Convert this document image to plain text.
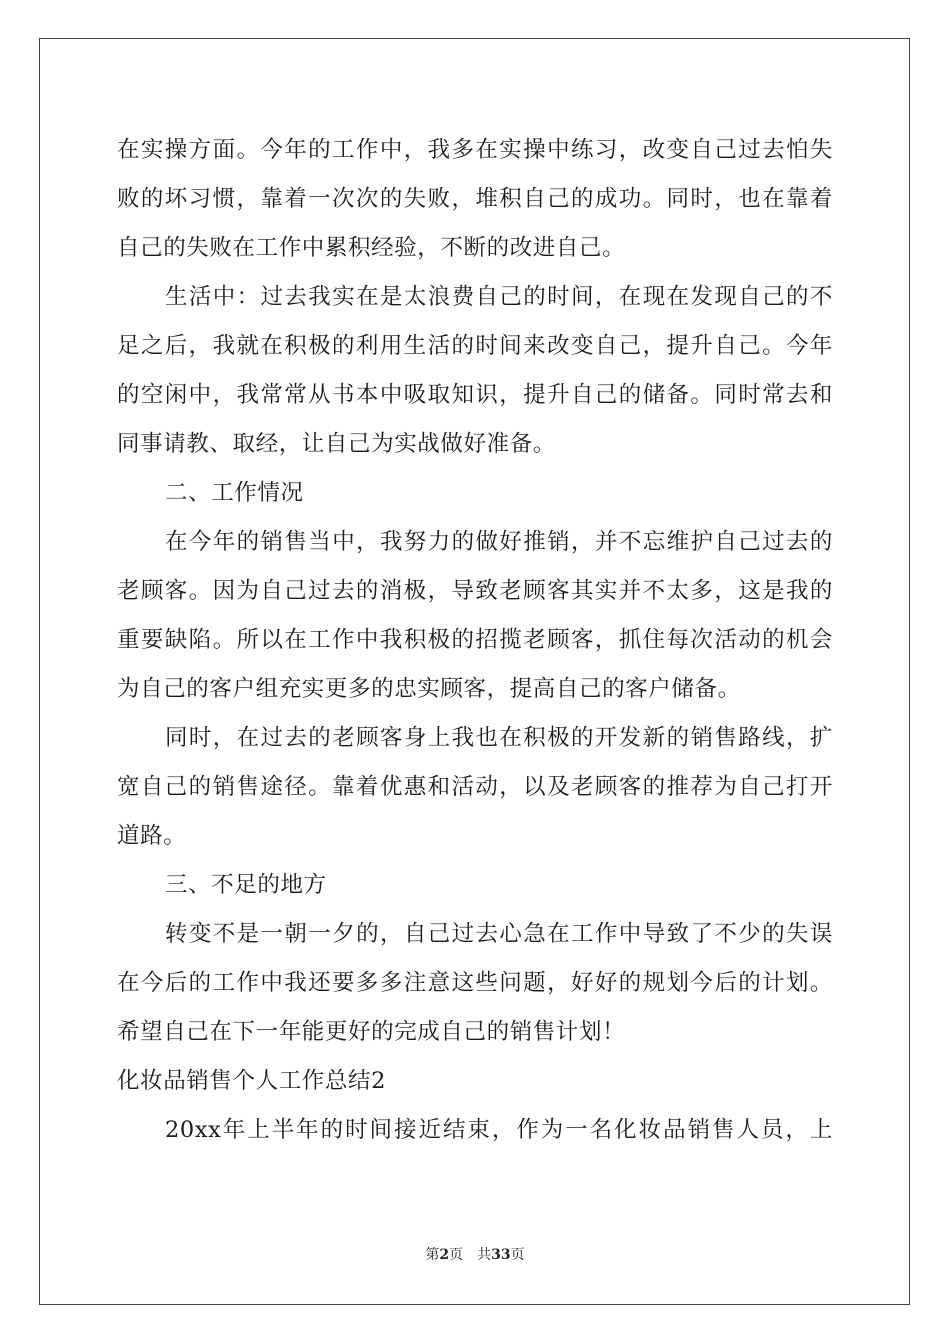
在实操方面。今年的工作中，我多在实操中练习，改变自己过去怕失
败的坏习惯，靠着一次次的失败，堆积自己的成功。同时，也在靠着
自己的失败在工作中累积经验，不断的改进自己。
生活中：过去我实在是太浪费自己的时间，在现在发现自己的不
足之后，我就在积极的利用生活的时间来改变自己，提升自己。今年
的空闲中，我常常从书本中吸取知识，提升自己的储备。同时常去和
同事请教、取经，让自己为实战做好准备。
二、工作情况
在今年的销售当中，我努力的做好推销，并不忘维护自己过去的
老顾客。因为自己过去的消极，导致老顾客其实并不太多，这是我的
重要缺陷。所以在工作中我积极的招揽老顾客，抓住每次活动的机会
为自己的客户组充实更多的忠实顾客，提高自己的客户储备。
同时，在过去的老顾客身上我也在积极的开发新的销售路线，扩
宽自己的销售途径。靠着优惠和活动，以及老顾客的推荐为自己打开
道路。
三、不足的地方
转变不是一朝一夕的，自己过去心急在工作中导致了不少的失误
在今后的工作中我还要多多注意这些问题，好好的规划今后的计划。
希望自己在下一年能更好的完成自己的销售计划！
化妆品销售个人工作总结2
20xx年上半年的时间接近结束，作为一名化妆品销售人员，上
第2页 共33页
